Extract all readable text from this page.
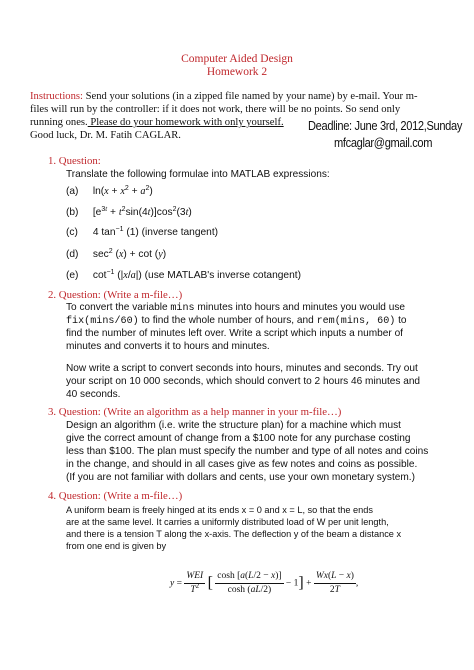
Computer Aided Design
Homework 2
Instructions: Send your solutions (in a zipped file named by your name) by e-mail. Your m-
files will run by the controller: if it does not work, there will be no points. So send only
running ones. Please do your homework with only yourself.
Good luck, Dr. M. Fatih CAGLAR.
Deadline: June 3rd, 2012,Sunday
mfcaglar@gmail.com
1. Question:
Translate the following formulae into MATLAB expressions:
(a) $\ln(x + x^2 + a^2)$
(b) $[e^{3t} + t^2\sin(4t)]\cos^2(3t)$
(c) 4 $\tan^{-1} (1)$ (inverse tangent)
(d) $\sec^2 (x) + \cot (y)$
(e) $\cot^{-1} (|x/a|)$ (use MATLAB's inverse cotangent)
2. Question: (Write a m-file…)
To convert the variable mins minutes into hours and minutes you would use
fix(mins/60) to find the whole number of hours, and rem(mins, 60) to
find the number of minutes left over. Write a script which inputs a number of
minutes and converts it to hours and minutes.
Now write a script to convert seconds into hours, minutes and seconds. Try out
your script on 10 000 seconds, which should convert to 2 hours 46 minutes and
40 seconds.
3. Question: (Write an algorithm as a help manner in your m-file…)
Design an algorithm (i.e. write the structure plan) for a machine which must
give the correct amount of change from a $100 note for any purchase costing
less than $100. The plan must specify the number and type of all notes and coins
in the change, and should in all cases give as few notes and coins as possible.
(If you are not familiar with dollars and cents, use your own monetary system.)
4. Question: (Write a m-file…)
A uniform beam is freely hinged at its ends x = 0 and x = L, so that the ends
are at the same level. It carries a uniformly distributed load of W per unit length,
and there is a tension T along the x-axis. The deflection y of the beam a distance x
from one end is given by
$y = \frac{\text{WEI}}{T^2}$ [ $\frac{\cosh [a(L/2 - x)]}{\cosh (aL/2)} - 1] + \frac{Wx(L - x)}{2T}$ ,
